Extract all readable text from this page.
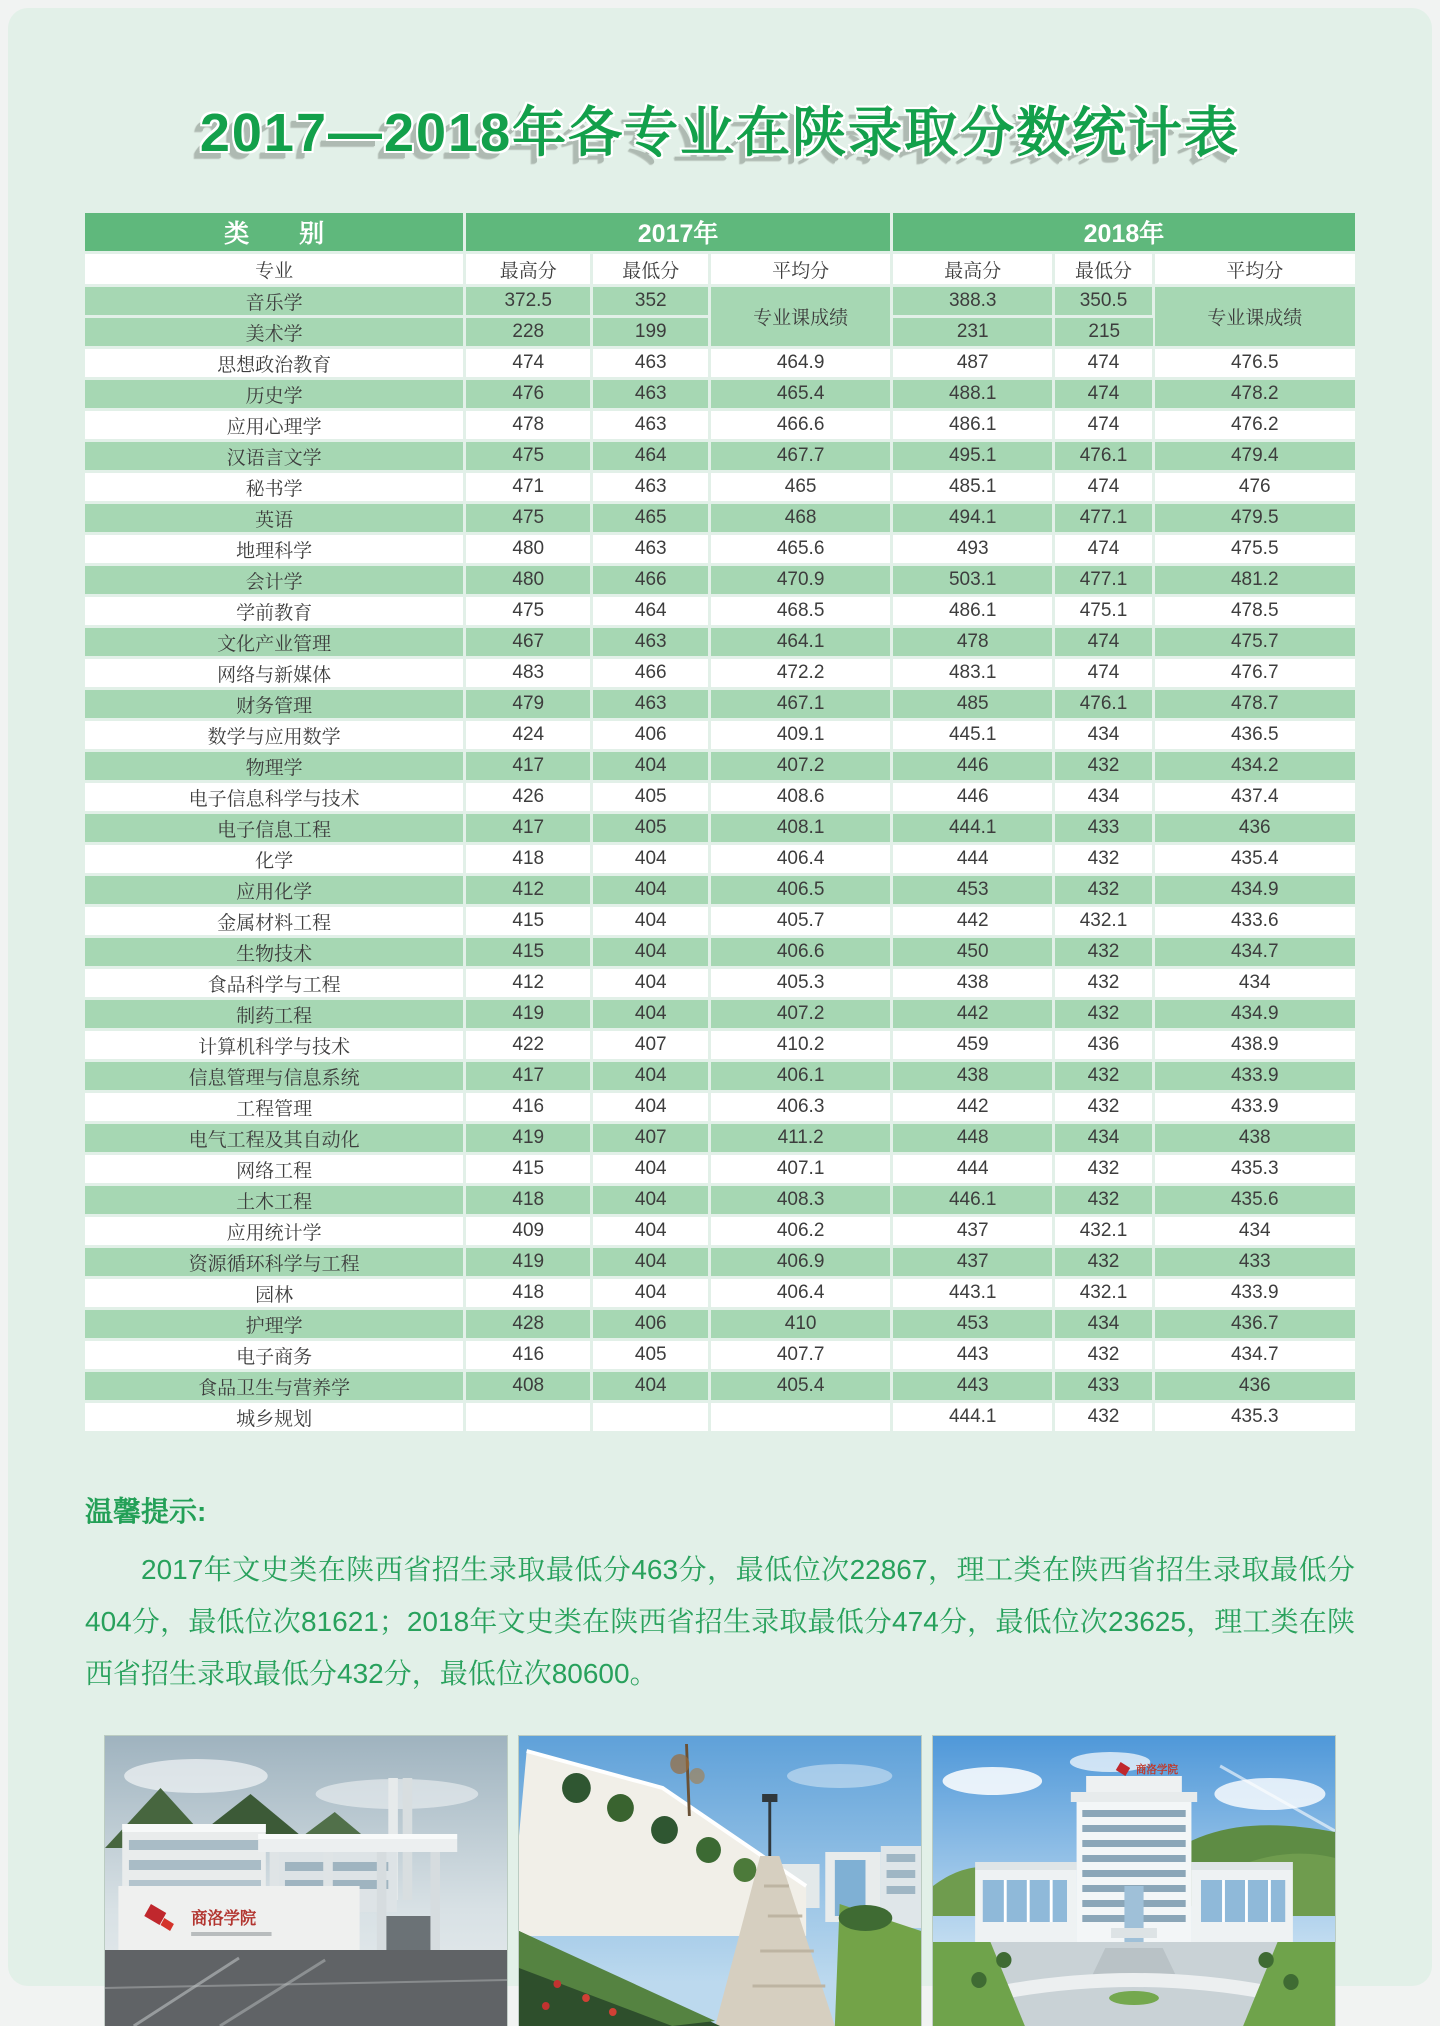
2017—2018年各专业在陕录取分数统计表
类　　别	2017年			2018年		
专业	最高分	最低分	平均分	最高分	最低分	平均分
音乐学	372.5	352	专业课成绩	388.3	350.5	专业课成绩
美术学	228	199		231	215	
思想政治教育	474	463	464.9	487	474	476.5
历史学	476	463	465.4	488.1	474	478.2
应用心理学	478	463	466.6	486.1	474	476.2
汉语言文学	475	464	467.7	495.1	476.1	479.4
秘书学	471	463	465	485.1	474	476
英语	475	465	468	494.1	477.1	479.5
地理科学	480	463	465.6	493	474	475.5
会计学	480	466	470.9	503.1	477.1	481.2
学前教育	475	464	468.5	486.1	475.1	478.5
文化产业管理	467	463	464.1	478	474	475.7
网络与新媒体	483	466	472.2	483.1	474	476.7
财务管理	479	463	467.1	485	476.1	478.7
数学与应用数学	424	406	409.1	445.1	434	436.5
物理学	417	404	407.2	446	432	434.2
电子信息科学与技术	426	405	408.6	446	434	437.4
电子信息工程	417	405	408.1	444.1	433	436
化学	418	404	406.4	444	432	435.4
应用化学	412	404	406.5	453	432	434.9
金属材料工程	415	404	405.7	442	432.1	433.6
生物技术	415	404	406.6	450	432	434.7
食品科学与工程	412	404	405.3	438	432	434
制药工程	419	404	407.2	442	432	434.9
计算机科学与技术	422	407	410.2	459	436	438.9
信息管理与信息系统	417	404	406.1	438	432	433.9
工程管理	416	404	406.3	442	432	433.9
电气工程及其自动化	419	407	411.2	448	434	438
网络工程	415	404	407.1	444	432	435.3
土木工程	418	404	408.3	446.1	432	435.6
应用统计学	409	404	406.2	437	432.1	434
资源循环科学与工程	419	404	406.9	437	432	433
园林	418	404	406.4	443.1	432.1	433.9
护理学	428	406	410	453	434	436.7
电子商务	416	405	407.7	443	432	434.7
食品卫生与营养学	408	404	405.4	443	433	436
城乡规划				444.1	432	435.3

温馨提示:

2017年文史类在陕西省招生录取最低分463分，最低位次22867，理工类在陕西省招生录取最低分404分，最低位次81621；2018年文史类在陕西省招生录取最低分474分，最低位次23625，理工类在陕西省招生录取最低分432分，最低位次80600。

商洛学院
商洛学院
